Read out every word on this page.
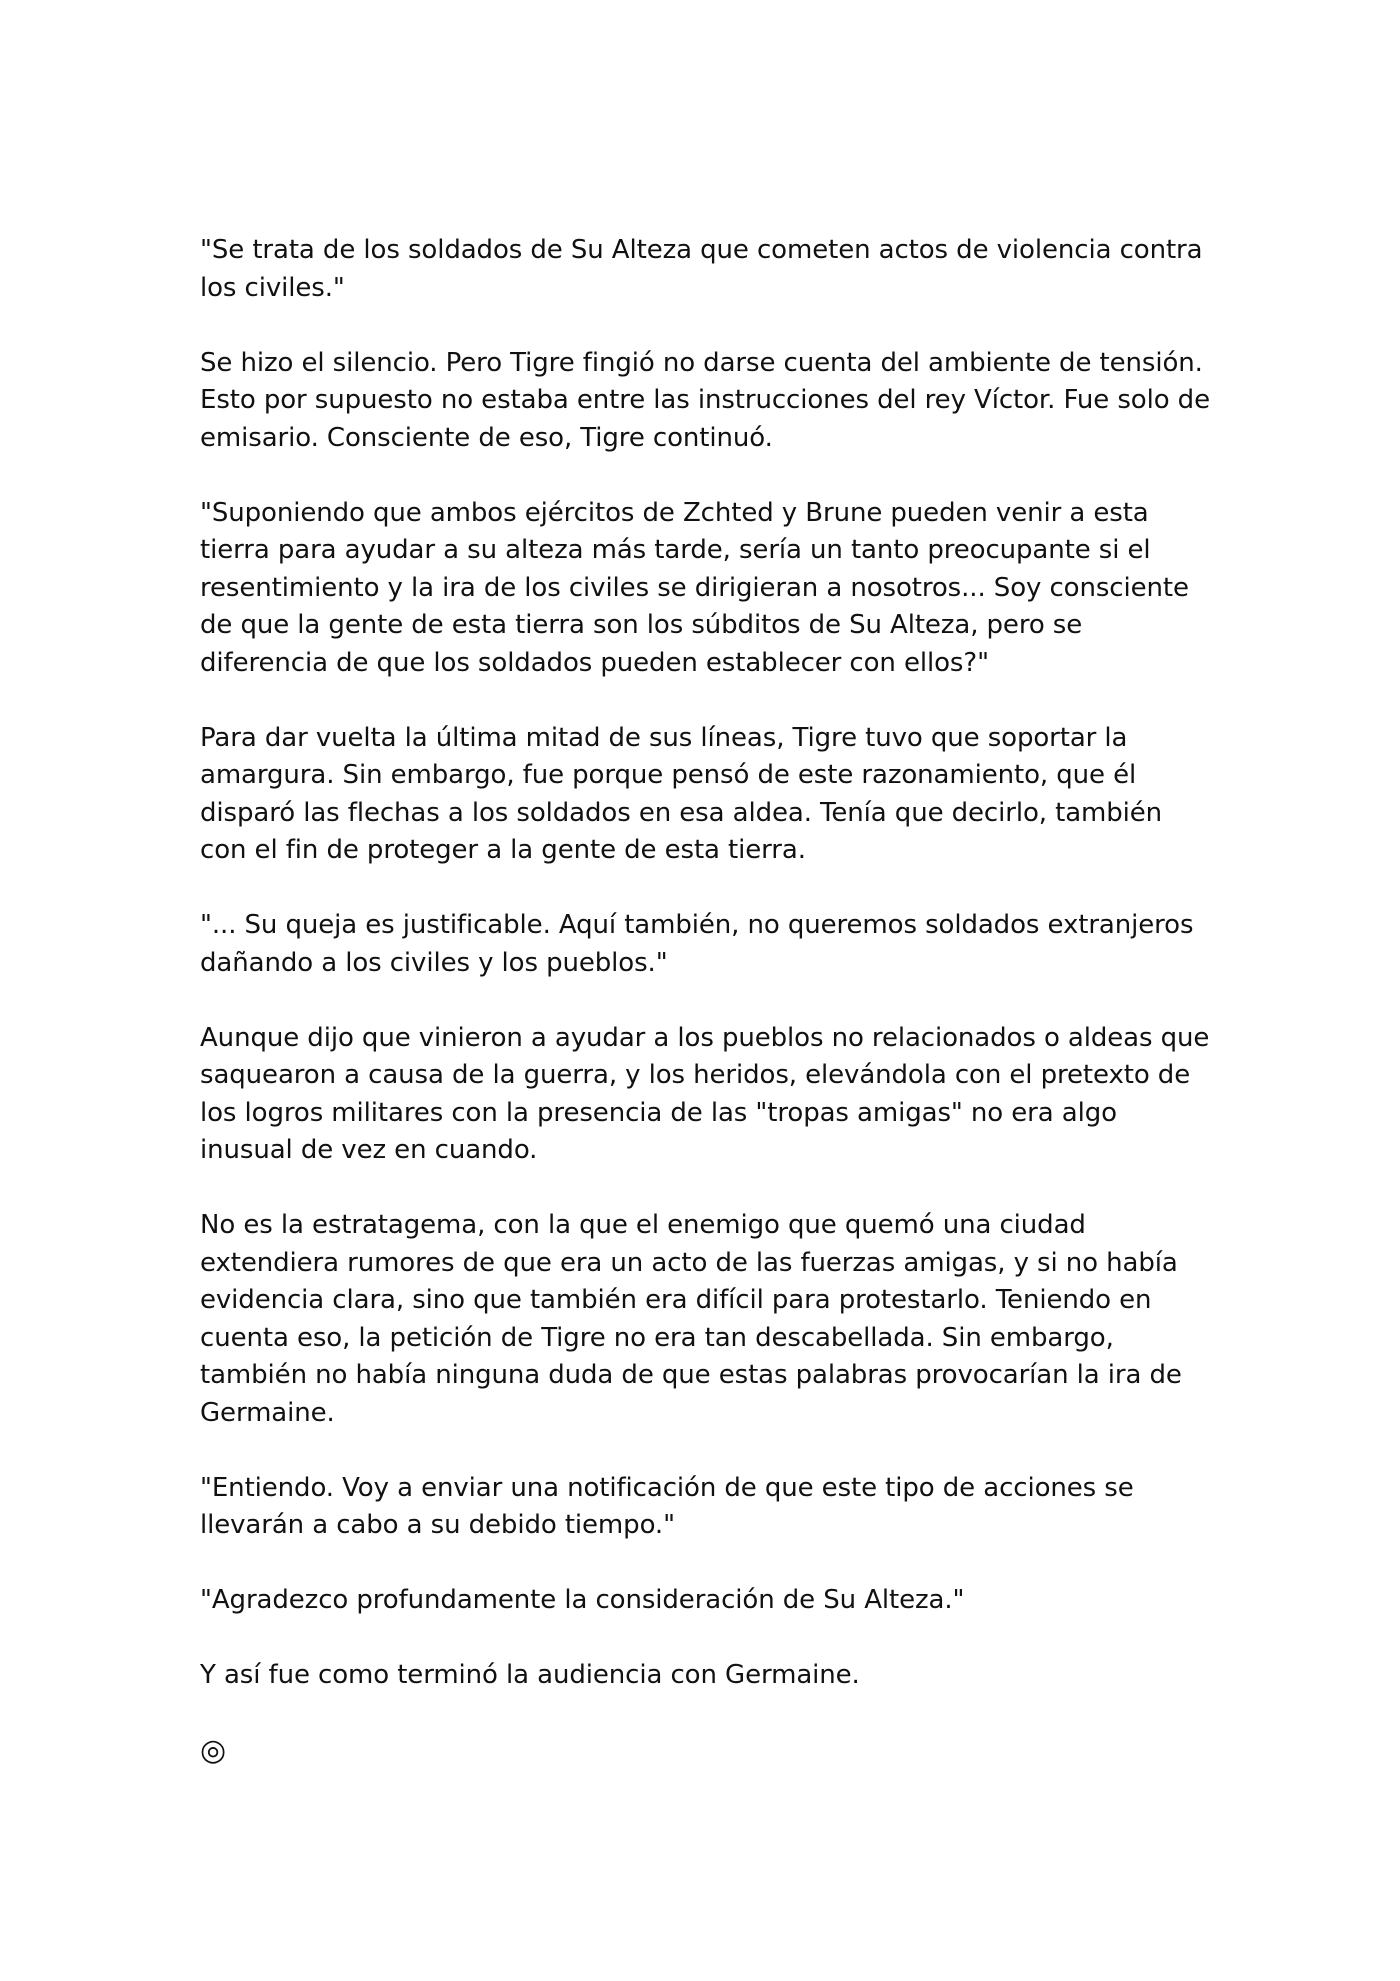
"Se trata de los soldados de Su Alteza que cometen actos de violencia contra los civiles."

Se hizo el silencio. Pero Tigre fingió no darse cuenta del ambiente de tensión. Esto por supuesto no estaba entre las instrucciones del rey Víctor. Fue solo de emisario. Consciente de eso, Tigre continuó.

"Suponiendo que ambos ejércitos de Zchted y Brune pueden venir a esta tierra para ayudar a su alteza más tarde, sería un tanto preocupante si el resentimiento y la ira de los civiles se dirigieran a nosotros... Soy consciente de que la gente de esta tierra son los súbditos de Su Alteza, pero se diferencia de que los soldados pueden establecer con ellos?"

Para dar vuelta la última mitad de sus líneas, Tigre tuvo que soportar la amargura. Sin embargo, fue porque pensó de este razonamiento, que él disparó las flechas a los soldados en esa aldea. Tenía que decirlo, también con el fin de proteger a la gente de esta tierra.

"... Su queja es justificable. Aquí también, no queremos soldados extranjeros dañando a los civiles y los pueblos."

Aunque dijo que vinieron a ayudar a los pueblos no relacionados o aldeas que saquearon a causa de la guerra, y los heridos, elevándola con el pretexto de los logros militares con la presencia de las "tropas amigas" no era algo inusual de vez en cuando.

No es la estratagema, con la que el enemigo que quemó una ciudad extendiera rumores de que era un acto de las fuerzas amigas, y si no había evidencia clara, sino que también era difícil para protestarlo. Teniendo en cuenta eso, la petición de Tigre no era tan descabellada. Sin embargo, también no había ninguna duda de que estas palabras provocarían la ira de Germaine.

"Entiendo. Voy a enviar una notificación de que este tipo de acciones se llevarán a cabo a su debido tiempo."

"Agradezco profundamente la consideración de Su Alteza."

Y así fue como terminó la audiencia con Germaine.

◎
